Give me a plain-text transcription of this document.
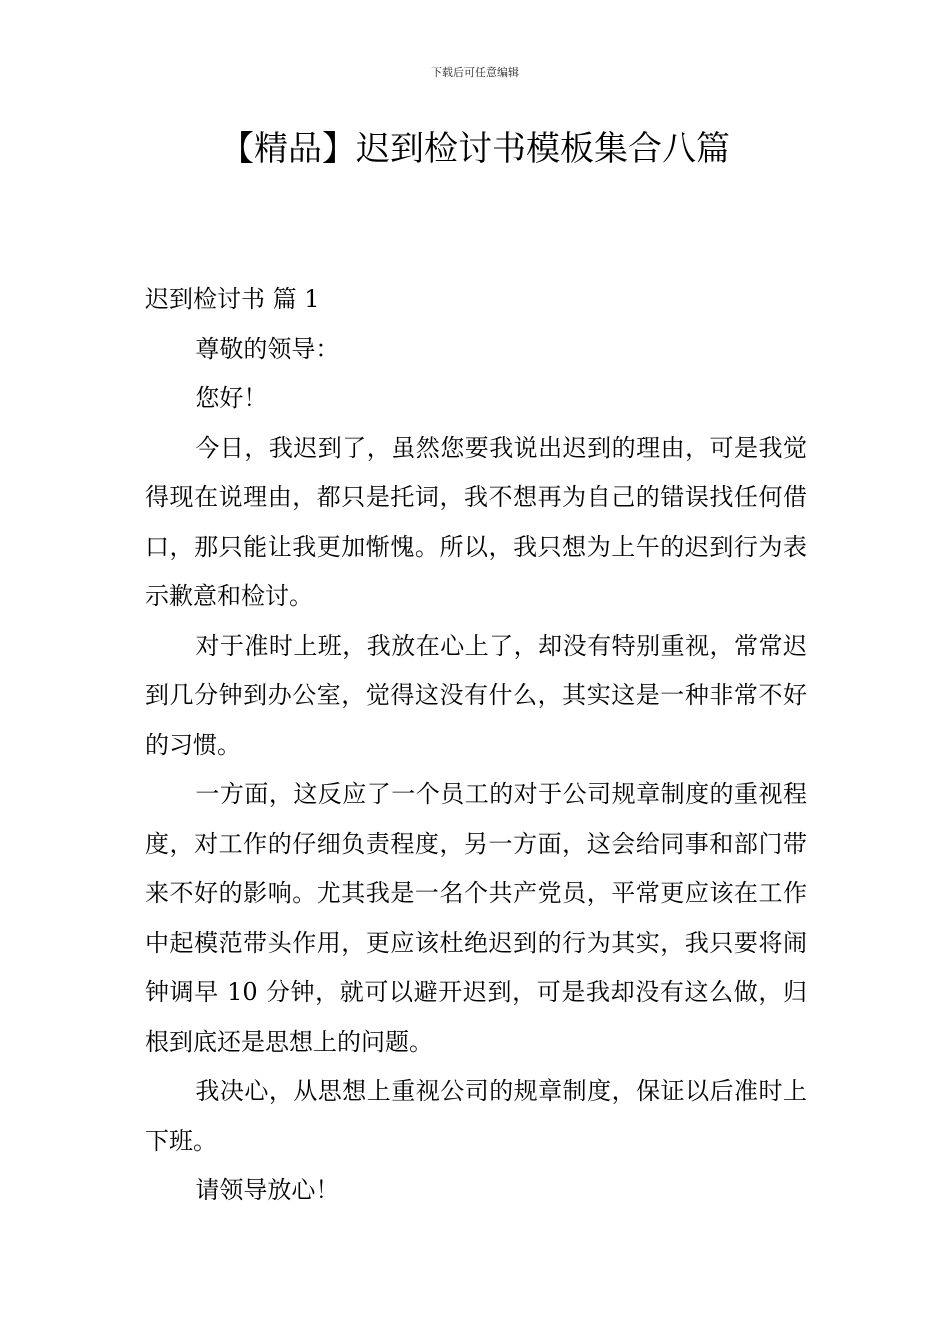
下载后可任意编辑
【精品】迟到检讨书模板集合八篇

迟到检讨书 篇 1

尊敬的领导：

您好！

今日，我迟到了，虽然您要我说出迟到的理由，可是我觉得现在说理由，都只是托词，我不想再为自己的错误找任何借口，那只能让我更加惭愧。所以，我只想为上午的迟到行为表示歉意和检讨。

对于准时上班，我放在心上了，却没有特别重视，常常迟到几分钟到办公室，觉得这没有什么，其实这是一种非常不好的习惯。

一方面，这反应了一个员工的对于公司规章制度的重视程度，对工作的仔细负责程度，另一方面，这会给同事和部门带来不好的影响。尤其我是一名个共产党员，平常更应该在工作中起模范带头作用，更应该杜绝迟到的行为其实，我只要将闹钟调早 10 分钟，就可以避开迟到，可是我却没有这么做，归根到底还是思想上的问题。

我决心，从思想上重视公司的规章制度，保证以后准时上下班。

请领导放心！
